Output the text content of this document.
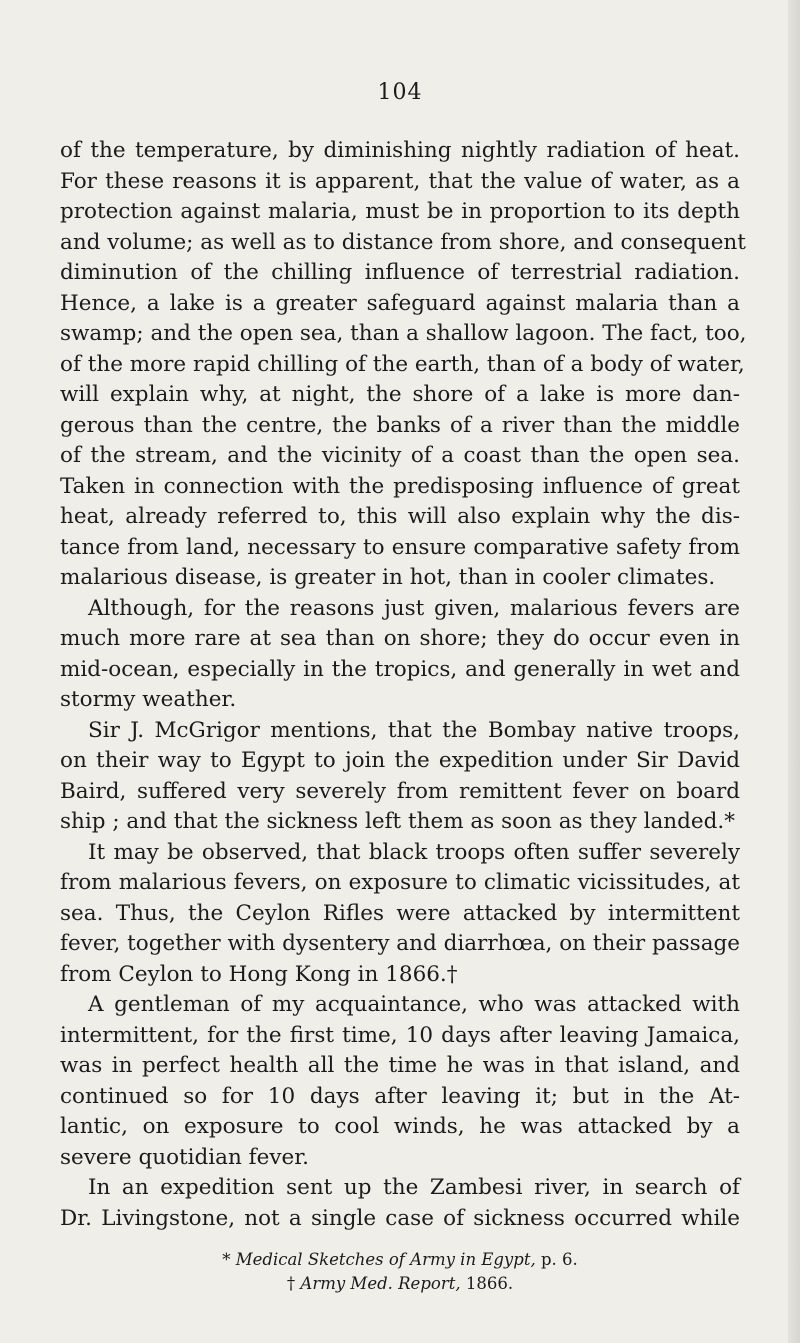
104
of the temperature, by diminishing nightly radiation of heat.
For these reasons it is apparent, that the value of water, as a
protection against malaria, must be in proportion to its depth
and volume; as well as to distance from shore, and consequent
diminution of the chilling influence of terrestrial radiation.
Hence, a lake is a greater safeguard against malaria than a
swamp; and the open sea, than a shallow lagoon. The fact, too,
of the more rapid chilling of the earth, than of a body of water,
will explain why, at night, the shore of a lake is more dan-
gerous than the centre, the banks of a river than the middle
of the stream, and the vicinity of a coast than the open sea.
Taken in connection with the predisposing influence of great
heat, already referred to, this will also explain why the dis-
tance from land, necessary to ensure comparative safety from
malarious disease, is greater in hot, than in cooler climates.
Although, for the reasons just given, malarious fevers are
much more rare at sea than on shore; they do occur even in
mid-ocean, especially in the tropics, and generally in wet and
stormy weather.
Sir J. McGrigor mentions, that the Bombay native troops,
on their way to Egypt to join the expedition under Sir David
Baird, suffered very severely from remittent fever on board
ship ; and that the sickness left them as soon as they landed.*
It may be observed, that black troops often suffer severely
from malarious fevers, on exposure to climatic vicissitudes, at
sea. Thus, the Ceylon Rifles were attacked by intermittent
fever, together with dysentery and diarrhœa, on their passage
from Ceylon to Hong Kong in 1866.†
A gentleman of my acquaintance, who was attacked with
intermittent, for the first time, 10 days after leaving Jamaica,
was in perfect health all the time he was in that island, and
continued so for 10 days after leaving it; but in the At-
lantic, on exposure to cool winds, he was attacked by a
severe quotidian fever.
In an expedition sent up the Zambesi river, in search of
Dr. Livingstone, not a single case of sickness occurred while
* Medical Sketches of Army in Egypt, p. 6.
† Army Med. Report, 1866.
